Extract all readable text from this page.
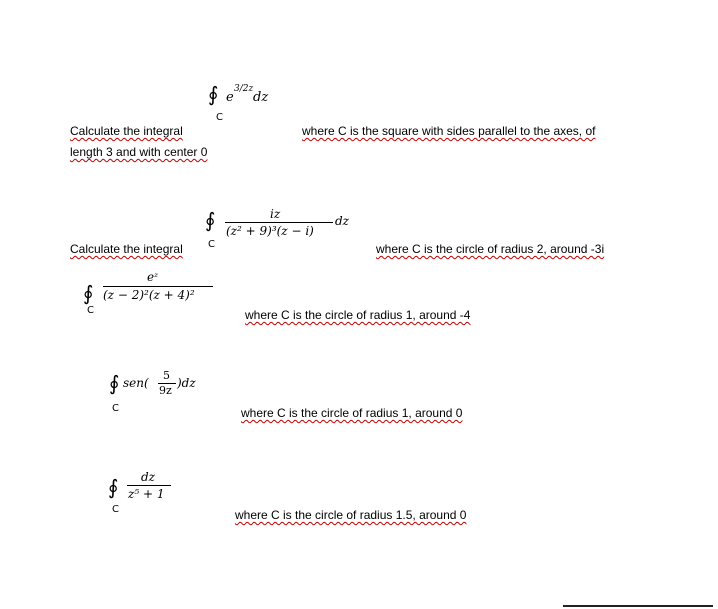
∮ e
3/2z
dz
C
Calculate the integral	where C is the square with sides parallel to the axes, of
length 3 and with center 0
∮	iz
(z² + 9)³(z − i)
dz
C
Calculate the integral	where C is the circle of radius 2, around -3i
∮
eᶻ
(z − 2)²(z + 4)²
C	where C is the circle of radius 1, around -4
∮ sen(
5
9z
)dz
C	where C is the circle of radius 1, around 0
∮ dz
z⁵ + 1
C	where C is the circle of radius 1.5, around 0
